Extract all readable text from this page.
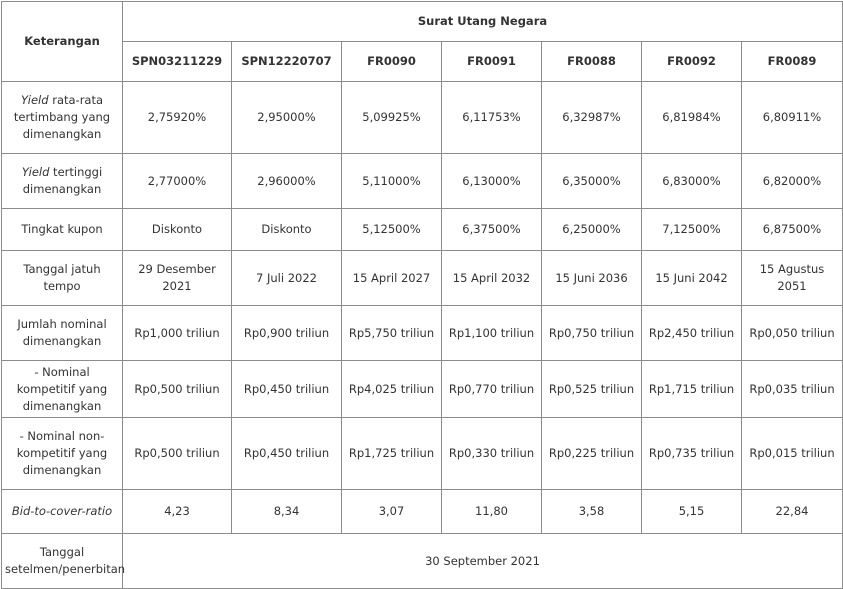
Keterangan	Surat Utang Negara						
	SPN03211229	SPN12220707	FR0090	FR0091	FR0088	FR0092	FR0089
Yield rata-rata tertimbang yang dimenangkan	2,75920%	2,95000%	5,09925%	6,11753%	6,32987%	6,81984%	6,80911%
Yield tertinggi dimenangkan	2,77000%	2,96000%	5,11000%	6,13000%	6,35000%	6,83000%	6,82000%
Tingkat kupon	Diskonto	Diskonto	5,12500%	6,37500%	6,25000%	7,12500%	6,87500%
Tanggal jatuh tempo	29 Desember 2021	7 Juli 2022	15 April 2027	15 April 2032	15 Juni 2036	15 Juni 2042	15 Agustus 2051
Jumlah nominal dimenangkan	Rp1,000 triliun	Rp0,900 triliun	Rp5,750 triliun	Rp1,100 triliun	Rp0,750 triliun	Rp2,450 triliun	Rp0,050 triliun
- Nominal kompetitif yang dimenangkan	Rp0,500 triliun	Rp0,450 triliun	Rp4,025 triliun	Rp0,770 triliun	Rp0,525 triliun	Rp1,715 triliun	Rp0,035 triliun
- Nominal non-kompetitif yang dimenangkan	Rp0,500 triliun	Rp0,450 triliun	Rp1,725 triliun	Rp0,330 triliun	Rp0,225 triliun	Rp0,735 triliun	Rp0,015 triliun
Bid-to-cover-ratio	4,23	8,34	3,07	11,80	3,58	5,15	22,84
Tanggal setelmen/penerbitan	30 September 2021						
